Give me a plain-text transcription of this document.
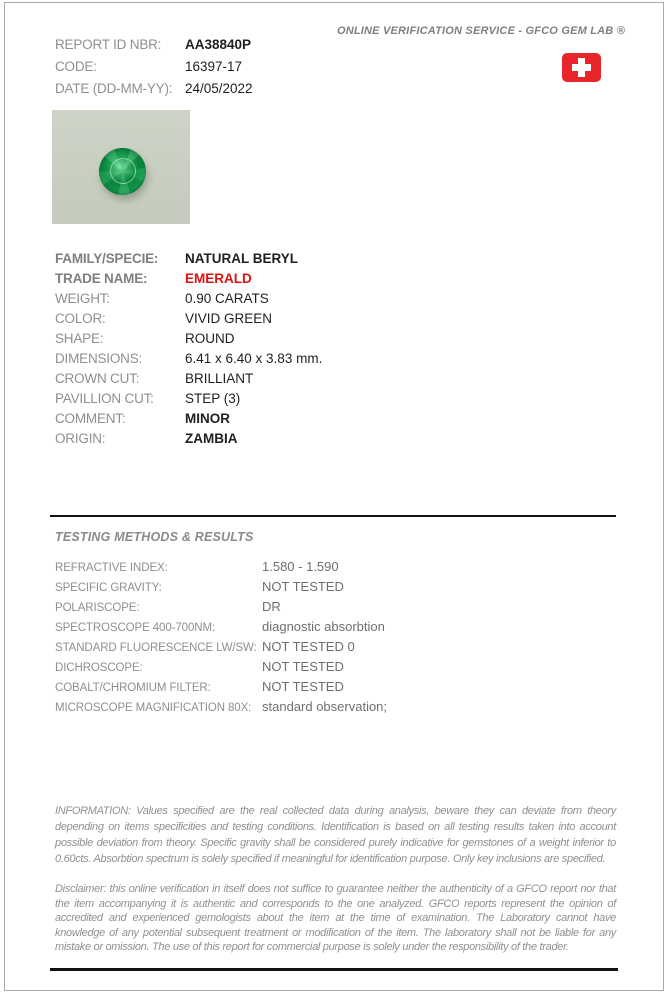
ONLINE VERIFICATION SERVICE - GFCO GEM LAB ®
REPORT ID NBR:	AA38840P
CODE:	16397-17
DATE (DD-MM-YY): 24/05/2022
FAMILY/SPECIE:	NATURAL BERYL
TRADE NAME:	EMERALD
WEIGHT:	0.90 CARATS
COLOR:	VIVID GREEN
SHAPE:	ROUND
DIMENSIONS:	6.41 x 6.40 x 3.83 mm.
CROWN CUT:	BRILLIANT
PAVILLION CUT:	STEP (3)
COMMENT:	MINOR
ORIGIN:	ZAMBIA
TESTING METHODS & RESULTS
REFRACTIVE INDEX:	1.580 - 1.590
SPECIFIC GRAVITY:	NOT TESTED
POLARISCOPE:	DR
SPECTROSCOPE 400-700NM:	diagnostic absorbtion
STANDARD FLUORESCENCE LW/SW: NOT TESTED 0
DICHROSCOPE:	NOT TESTED
COBALT/CHROMIUM FILTER:	NOT TESTED
MICROSCOPE MAGNIFICATION 80X: standard observation;
INFORMATION: Values specified are the real collected data during analysis, beware they can deviate from theory depending on items specificities and testing conditions. Identification is based on all testing results taken into account possible deviation from theory. Specific gravity shall be considered purely indicative for gemstones of a weight inferior to 0.60cts. Absorbtion spectrum is solely specified if meaningful for identification purpose. Only key inclusions are specified.
Disclaimer: this online verification in itself does not suffice to guarantee neither the authenticity of a GFCO report nor that the item accompanying it is authentic and corresponds to the one analyzed. GFCO reports represent the opinion of accredited and experienced gemologists about the item at the time of examination. The Laboratory cannot have knowledge of any potential subsequent treatment or modification of the item. The laboratory shall not be liable for any mistake or omission. The use of this report for commercial purpose is solely under the responsibility of the trader.
